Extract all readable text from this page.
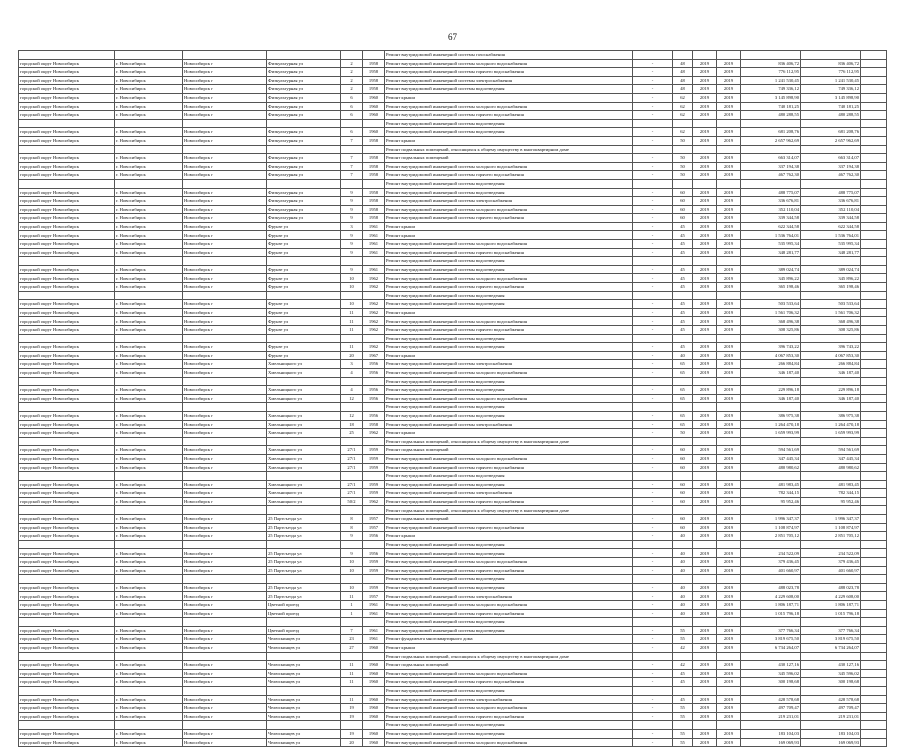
67
						Ремонт внутридомовой инженерной системы газоснабжения							
городской округ Новосибирск	г. Новосибирск	Новосибирск г	Физкультурная ул	2	1958	Ремонт внутридомовой инженерной системы холодного водоснабжения	-	48	2019	2019	836 406,72	836 406,72	
городской округ Новосибирск	г. Новосибирск	Новосибирск г	Физкультурная ул	2	1958	Ремонт внутридомовой инженерной системы горячего водоснабжения	-	48	2019	2019	776 112,95	776 112,95	
городской округ Новосибирск	г. Новосибирск	Новосибирск г	Физкультурная ул	2	1958	Ремонт внутридомовой инженерной системы электроснабжения	-	48	2019	2019	1 241 530,45	1 241 530,45	
городской округ Новосибирск	г. Новосибирск	Новосибирск г	Физкультурная ул	2	1958	Ремонт внутридомовой инженерной системы водоотведения	-	48	2019	2019	749 336,12	749 336,12	
городской округ Новосибирск	г. Новосибирск	Новосибирск г	Физкультурная ул	6	1960	Ремонт крыши	-	62	2019	2019	3 145 898,90	3 145 898,90	
городской округ Новосибирск	г. Новосибирск	Новосибирск г	Физкультурная ул	6	1960	Ремонт внутридомовой инженерной системы холодного водоснабжения	-	62	2019	2019	740 181,25	740 181,25	
городской округ Новосибирск	г. Новосибирск	Новосибирск г	Физкультурная ул	6	1960	Ремонт внутридомовой инженерной системы горячего водоснабжения	-	62	2019	2019	480 288,55	480 288,55	
						Ремонт внутридомовой инженерной системы водоотведения							
городской округ Новосибирск	г. Новосибирск	Новосибирск г	Физкультурная ул	6	1960	Ремонт внутридомовой инженерной системы водоотведения	-	62	2019	2019	681 208,76	681 208,76	
городской округ Новосибирск	г. Новосибирск	Новосибирск г	Физкультурная ул	7	1958	Ремонт крыши	-	50	2019	2019	2 657 962,69	2 657 962,69	
						Ремонт подвальных помещений, относящихся к общему имуществу в многоквартирном доме							
городской округ Новосибирск	г. Новосибирск	Новосибирск г	Физкультурная ул	7	1958	Ремонт подвальных помещений	-	50	2019	2019	663 314,07	663 314,07	
городской округ Новосибирск	г. Новосибирск	Новосибирск г	Физкультурная ул	7	1958	Ремонт внутридомовой инженерной системы холодного водоснабжения	-	50	2019	2019	337 194,38	337 194,38	
городской округ Новосибирск	г. Новосибирск	Новосибирск г	Физкультурная ул	7	1958	Ремонт внутридомовой инженерной системы горячего водоснабжения	-	50	2019	2019	467 762,30	467 762,30	
						Ремонт внутридомовой инженерной системы водоотведения							
городской округ Новосибирск	г. Новосибирск	Новосибирск г	Физкультурная ул	9	1958	Ремонт внутридомовой инженерной системы водоотведения	-	60	2019	2019	488 775,07	488 775,07	
городской округ Новосибирск	г. Новосибирск	Новосибирск г	Физкультурная ул	9	1958	Ремонт внутридомовой инженерной системы электроснабжения	-	60	2019	2019	336 676,81	336 676,81	
городской округ Новосибирск	г. Новосибирск	Новосибирск г	Физкультурная ул	9	1958	Ремонт внутридомовой инженерной системы холодного водоснабжения	-	60	2019	2019	352 110,04	352 110,04	
городской округ Новосибирск	г. Новосибирск	Новосибирск г	Физкультурная ул	9	1958	Ремонт внутридомовой инженерной системы горячего водоснабжения	-	60	2019	2019	339 344,58	339 344,58	
городской округ Новосибирск	г. Новосибирск	Новосибирск г	Фрунзе ул	3	1961	Ремонт крыши	-	45	2019	2019	622 344,58	622 344,58	
городской округ Новосибирск	г. Новосибирск	Новосибирск г	Фрунзе ул	9	1961	Ремонт крыши	-	45	2019	2019	1 536 764,01	1 536 764,01	
городской округ Новосибирск	г. Новосибирск	Новосибирск г	Фрунзе ул	9	1961	Ремонт внутридомовой инженерной системы холодного водоснабжения	-	45	2019	2019	535 995,34	535 995,34	
городской округ Новосибирск	г. Новосибирск	Новосибирск г	Фрунзе ул	9	1961	Ремонт внутридомовой инженерной системы горячего водоснабжения	-	45	2019	2019	348 281,77	348 281,77	
						Ремонт внутридомовой инженерной системы водоотведения							
городской округ Новосибирск	г. Новосибирск	Новосибирск г	Фрунзе ул	9	1961	Ремонт внутридомовой инженерной системы водоотведения	-	45	2019	2019	389 024,74	389 024,74	
городской округ Новосибирск	г. Новосибирск	Новосибирск г	Фрунзе ул	10	1962	Ремонт внутридомовой инженерной системы холодного водоснабжения	-	45	2019	2019	345 896,22	345 896,22	
городской округ Новосибирск	г. Новосибирск	Новосибирск г	Фрунзе ул	10	1962	Ремонт внутридомовой инженерной системы горячего водоснабжения	-	45	2019	2019	365 198,46	365 198,46	
						Ремонт внутридомовой инженерной системы водоотведения							
городской округ Новосибирск	г. Новосибирск	Новосибирск г	Фрунзе ул	10	1962	Ремонт внутридомовой инженерной системы водоотведения	-	45	2019	2019	503 533,64	503 533,64	
городской округ Новосибирск	г. Новосибирск	Новосибирск г	Фрунзе ул	11	1962	Ремонт крыши	-	45	2019	2019	1 561 706,32	1 561 706,32	
городской округ Новосибирск	г. Новосибирск	Новосибирск г	Фрунзе ул	11	1962	Ремонт внутридомовой инженерной системы холодного водоснабжения	-	45	2019	2019	368 496,38	368 496,38	
городской округ Новосибирск	г. Новосибирск	Новосибирск г	Фрунзе ул	11	1962	Ремонт внутридомовой инженерной системы горячего водоснабжения	-	45	2019	2019	308 325,86	308 325,86	
						Ремонт внутридомовой инженерной системы водоотведения							
городской округ Новосибирск	г. Новосибирск	Новосибирск г	Фрунзе ул	11	1962	Ремонт внутридомовой инженерной системы водоотведения	-	45	2019	2019	396 743,22	396 743,22	
городской округ Новосибирск	г. Новосибирск	Новосибирск г	Фрунзе ул	20	1967	Ремонт крыши	-	40	2019	2019	4 067 853,30	4 067 853,30	
городской округ Новосибирск	г. Новосибирск	Новосибирск г	Хмельницкого ул	3	1956	Ремонт внутридомовой инженерной системы электроснабжения	-	65	2019	2019	266 884,84	266 884,84	
городской округ Новосибирск	г. Новосибирск	Новосибирск г	Хмельницкого ул	4	1956	Ремонт внутридомовой инженерной системы холодного водоснабжения	-	65	2019	2019	346 187,40	346 187,40	
						Ремонт внутридомовой инженерной системы водоотведения							
городской округ Новосибирск	г. Новосибирск	Новосибирск г	Хмельницкого ул	4	1956	Ремонт внутридомовой инженерной системы водоотведения	-	65	2019	2019	229 896,18	229 896,18	
городской округ Новосибирск	г. Новосибирск	Новосибирск г	Хмельницкого ул	12	1956	Ремонт внутридомовой инженерной системы холодного водоснабжения	-	65	2019	2019	346 187,40	346 187,40	
						Ремонт внутридомовой инженерной системы водоотведения							
городской округ Новосибирск	г. Новосибирск	Новосибирск г	Хмельницкого ул	12	1956	Ремонт внутридомовой инженерной системы водоотведения	-	65	2019	2019	386 975,38	386 975,38	
городской округ Новосибирск	г. Новосибирск	Новосибирск г	Хмельницкого ул	18	1958	Ремонт внутридомовой инженерной системы электроснабжения	-	65	2019	2019	1 264 470,18	1 264 470,18	
городской округ Новосибирск	г. Новосибирск	Новосибирск г	Хмельницкого ул	25	1962	Ремонт крыши	-	50	2019	2019	1 659 993,99	1 659 993,99	
						Ремонт подвальных помещений, относящихся к общему имуществу в многоквартирном доме							
городской округ Новосибирск	г. Новосибирск	Новосибирск г	Хмельницкого ул	27/1	1959	Ремонт подвальных помещений	-	60	2019	2019	594 561,69	594 561,69	
городской округ Новосибирск	г. Новосибирск	Новосибирск г	Хмельницкого ул	27/1	1959	Ремонт внутридомовой инженерной системы холодного водоснабжения	-	60	2019	2019	347 445,34	347 445,34	
городской округ Новосибирск	г. Новосибирск	Новосибирск г	Хмельницкого ул	27/1	1959	Ремонт внутридомовой инженерной системы горячего водоснабжения	-	60	2019	2019	480 980,62	480 980,62	
						Ремонт внутридомовой инженерной системы водоотведения							
городской округ Новосибирск	г. Новосибирск	Новосибирск г	Хмельницкого ул	27/1	1959	Ремонт внутридомовой инженерной системы водоотведения	-	60	2019	2019	481 983,45	481 983,45	
городской округ Новосибирск	г. Новосибирск	Новосибирск г	Хмельницкого ул	27/1	1959	Ремонт внутридомовой инженерной системы электроснабжения	-	60	2019	2019	782 344,15	782 344,15	
городской округ Новосибирск	г. Новосибирск	Новосибирск г	Хмельницкого ул	50/2	1962	Ремонт внутридомовой инженерной системы горячего водоснабжения	-	60	2019	2019	95 952,46	95 952,46	
						Ремонт подвальных помещений, относящихся к общему имуществу в многоквартирном доме							
городской округ Новосибирск	г. Новосибирск	Новосибирск г	25 Партсъезда ул	8	1957	Ремонт подвальных помещений	-	60	2019	2019	1 996 347,37	1 996 347,37	
городской округ Новосибирск	г. Новосибирск	Новосибирск г	25 Партсъезда ул	8	1957	Ремонт внутридомовой инженерной системы горячего водоснабжения	-	60	2019	2019	1 108 874,97	1 108 874,97	
городской округ Новосибирск	г. Новосибирск	Новосибирск г	25 Партсъезда ул	9	1956	Ремонт крыши	-	40	2019	2019	2 851 705,12	2 851 705,12	
						Ремонт внутридомовой инженерной системы водоотведения							
городской округ Новосибирск	г. Новосибирск	Новосибирск г	25 Партсъезда ул	9	1956	Ремонт внутридомовой инженерной системы водоотведения	-	40	2019	2019	234 522,09	234 522,09	
городской округ Новосибирск	г. Новосибирск	Новосибирск г	25 Партсъезда ул	10	1959	Ремонт внутридомовой инженерной системы холодного водоснабжения	-	40	2019	2019	379 436,45	379 436,45	
городской округ Новосибирск	г. Новосибирск	Новосибирск г	25 Партсъезда ул	10	1959	Ремонт внутридомовой инженерной системы горячего водоснабжения	-	40	2019	2019	401 660,97	401 660,97	
						Ремонт внутридомовой инженерной системы водоотведения							
городской округ Новосибирск	г. Новосибирск	Новосибирск г	25 Партсъезда ул	10	1959	Ремонт внутридомовой инженерной системы водоотведения	-	40	2019	2019	488 023,78	488 023,78	
городской округ Новосибирск	г. Новосибирск	Новосибирск г	25 Партсъезда ул	11	1957	Ремонт внутридомовой инженерной системы электроснабжения	-	40	2019	2019	4 229 608,00	4 229 608,00	
городской округ Новосибирск	г. Новосибирск	Новосибирск г	Цветной проезд	1	1961	Ремонт внутридомовой инженерной системы холодного водоснабжения	-	40	2019	2019	1 806 187,71	1 806 187,71	
городской округ Новосибирск	г. Новосибирск	Новосибирск г	Цветной проезд	1	1961	Ремонт внутридомовой инженерной системы горячего водоснабжения	-	40	2019	2019	1 015 796,18	1 015 796,18	
						Ремонт внутридомовой инженерной системы водоотведения							
городской округ Новосибирск	г. Новосибирск	Новосибирск г	Цветной проезд	7	1961	Ремонт внутридомовой инженерной системы водоотведения	-	55	2019	2019	377 766,34	377 766,34	
городской округ Новосибирск	г. Новосибирск	Новосибирск г	Челюскинцев ул	23	1961	Ремонт фундамента многоквартирного дома	-	55	2019	2019	3 819 675,50	3 819 675,50	
городской округ Новосибирск	г. Новосибирск	Новосибирск г	Челюскинцев ул	27	1960	Ремонт крыши	-	42	2019	2019	6 734 264,07	6 734 264,07	
						Ремонт подвальных помещений, относящихся к общему имуществу в многоквартирном доме							
городской округ Новосибирск	г. Новосибирск	Новосибирск г	Челюскинцев ул	11	1960	Ремонт подвальных помещений	-	42	2019	2019	430 127,16	430 127,16	
городской округ Новосибирск	г. Новосибирск	Новосибирск г	Челюскинцев ул	11	1960	Ремонт внутридомовой инженерной системы холодного водоснабжения	-	45	2019	2019	345 596,02	345 596,02	
городской округ Новосибирск	г. Новосибирск	Новосибирск г	Челюскинцев ул	11	1960	Ремонт внутридомовой инженерной системы горячего водоснабжения	-	45	2019	2019	300 198,68	300 198,68	
						Ремонт внутридомовой инженерной системы водоотведения							
городской округ Новосибирск	г. Новосибирск	Новосибирск г	Челюскинцев ул	11	1960	Ремонт внутридомовой инженерной системы электроснабжения	-	45	2019	2019	428 578,68	428 578,68	
городской округ Новосибирск	г. Новосибирск	Новосибирск г	Челюскинцев ул	19	1960	Ремонт внутридомовой инженерной системы холодного водоснабжения	-	55	2019	2019	497 709,47	497 709,47	
городской округ Новосибирск	г. Новосибирск	Новосибирск г	Челюскинцев ул	19	1960	Ремонт внутридомовой инженерной системы горячего водоснабжения	-	55	2019	2019	219 231,01	219 231,01	
						Ремонт внутридомовой инженерной системы водоотведения							
городской округ Новосибирск	г. Новосибирск	Новосибирск г	Челюскинцев ул	19	1960	Ремонт внутридомовой инженерной системы водоотведения	-	55	2019	2019	183 104,03	183 104,03	
городской округ Новосибирск	г. Новосибирск	Новосибирск г	Челюскинцев ул	20	1960	Ремонт внутридомовой инженерной системы холодного водоснабжения	-	55	2019	2019	169 069,93	169 069,93	
